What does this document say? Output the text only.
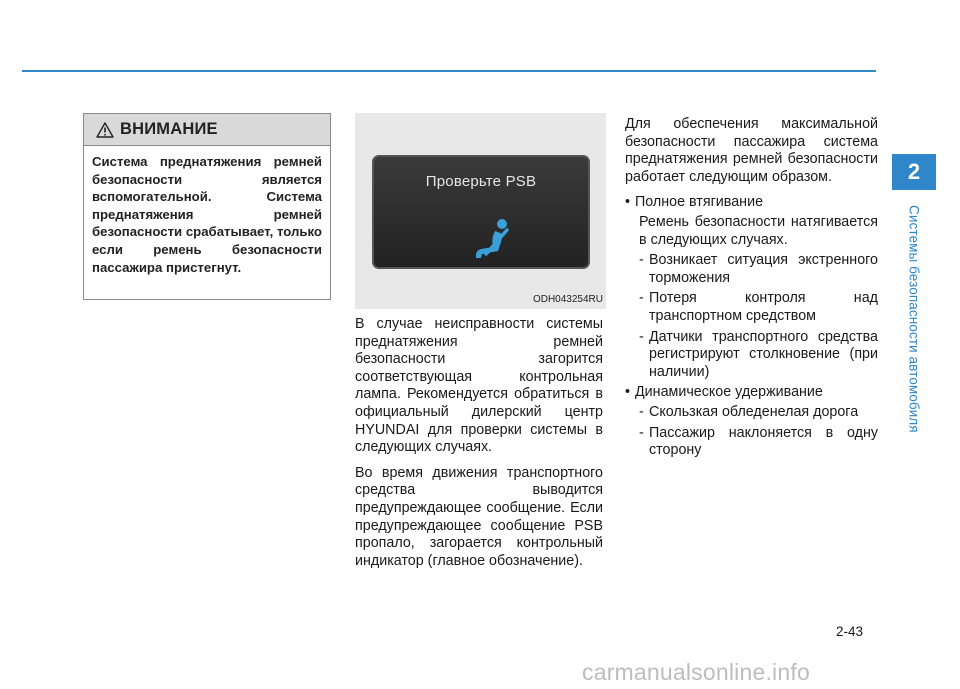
ВНИМАНИЕ
Система преднатяжения ремней безопасности является вспомогательной. Система преднатяжения ремней безопасности срабатывает, только если ремень безопасности пассажира пристегнут.
Проверьте PSB
ODH043254RU

В случае неисправности системы преднатяжения ремней безопасности загорится соответствующая контрольная лампа. Рекомендуется обратиться в официальный дилерский центр HYUNDAI для проверки системы в следующих случаях.

Во время движения транспортного средства выводится предупреждающее сообщение. Если предупреждающее сообщение PSB пропало, загорается контрольный индикатор (главное обозначение).

Для обеспечения максимальной безопасности пассажира система преднатяжения ремней безопасности работает следующим образом.

• Полное втягивание
Ремень безопасности натягивается в следующих случаях.
- Возникает ситуация экстренного торможения
- Потеря контроля над транспортном средством
- Датчики транспортного средства регистрируют столкновение (при наличии)
• Динамическое удерживание
- Скользкая обледенелая дорога
- Пассажир наклоняется в одну сторону
2
Системы безопасности автомобиля
2-43
carmanualsonline.info
